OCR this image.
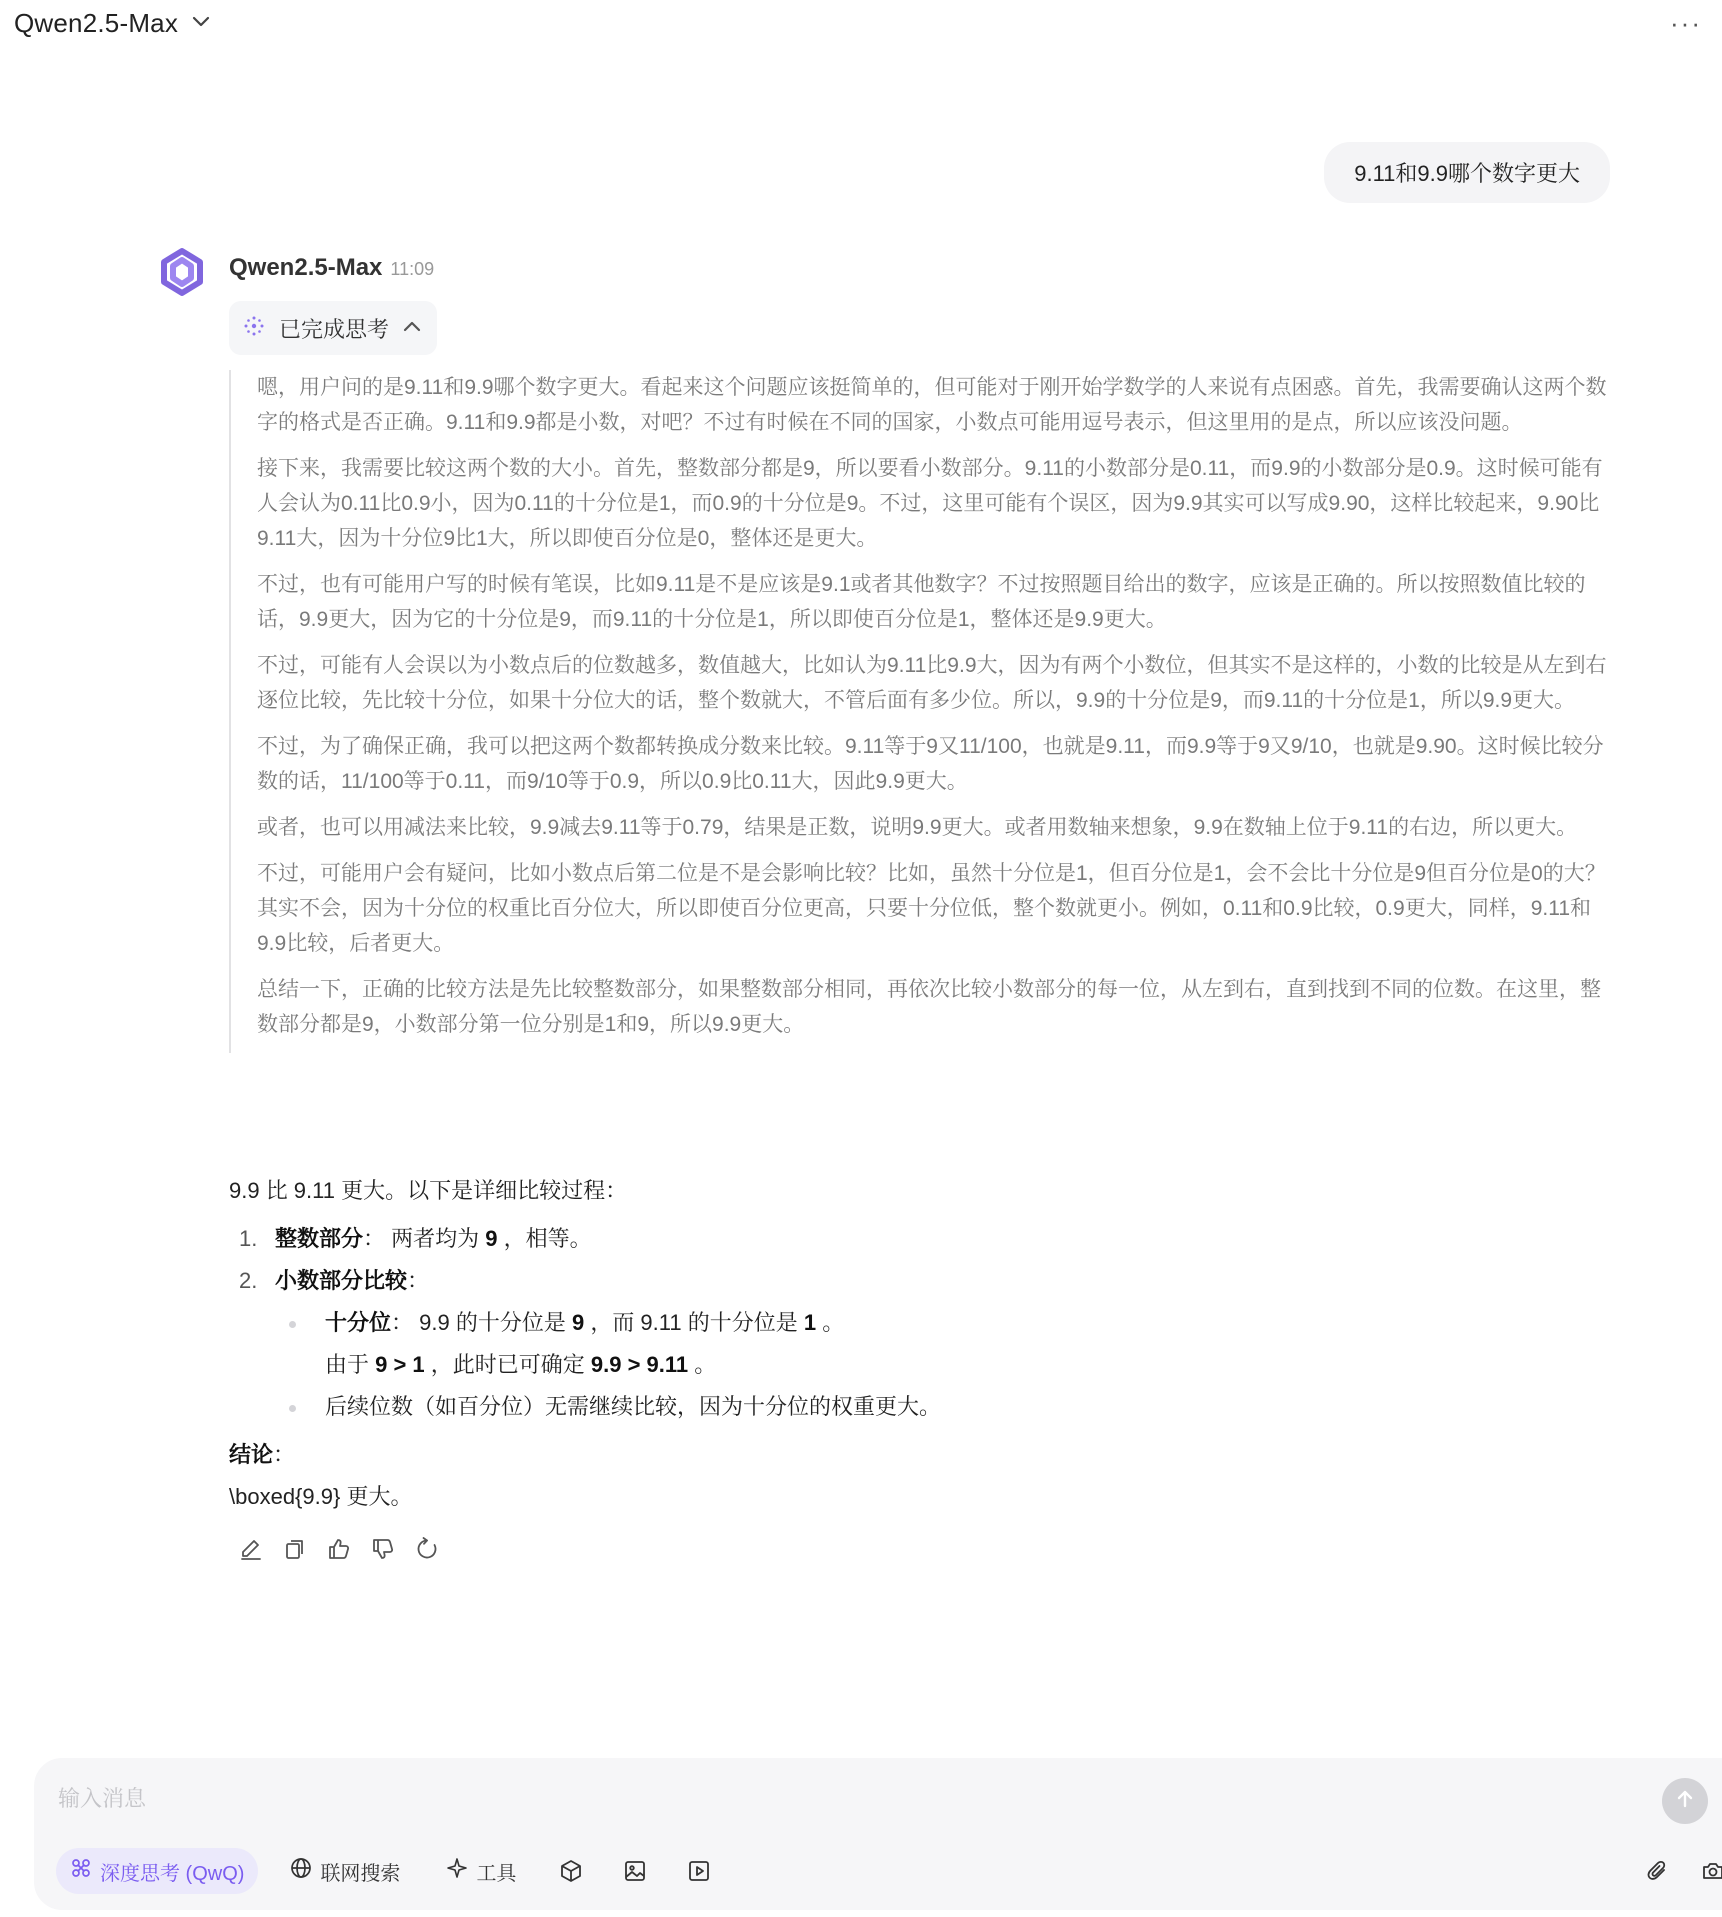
Qwen2.5-Max	···
9.11和9.9哪个数字更大
Qwen2.5-Max 11:09
已完成思考

嗯，用户问的是9.11和9.9哪个数字更大。看起来这个问题应该挺简单的，但可能对于刚开始学数学的人来说有点困惑。首先，我需要确认这两个数字的格式是否正确。9.11和9.9都是小数，对吧？不过有时候在不同的国家，小数点可能用逗号表示，但这里用的是点，所以应该没问题。

接下来，我需要比较这两个数的大小。首先，整数部分都是9，所以要看小数部分。9.11的小数部分是0.11，而9.9的小数部分是0.9。这时候可能有人会认为0.11比0.9小，因为0.11的十分位是1，而0.9的十分位是9。不过，这里可能有个误区，因为9.9其实可以写成9.90，这样比较起来，9.90比9.11大，因为十分位9比1大，所以即使百分位是0，整体还是更大。

不过，也有可能用户写的时候有笔误，比如9.11是不是应该是9.1或者其他数字？不过按照题目给出的数字，应该是正确的。所以按照数值比较的话，9.9更大，因为它的十分位是9，而9.11的十分位是1，所以即使百分位是1，整体还是9.9更大。

不过，可能有人会误以为小数点后的位数越多，数值越大，比如认为9.11比9.9大，因为有两个小数位，但其实不是这样的，小数的比较是从左到右逐位比较，先比较十分位，如果十分位大的话，整个数就大，不管后面有多少位。所以，9.9的十分位是9，而9.11的十分位是1，所以9.9更大。

不过，为了确保正确，我可以把这两个数都转换成分数来比较。9.11等于9又11/100，也就是9.11，而9.9等于9又9/10，也就是9.90。这时候比较分数的话，11/100等于0.11，而9/10等于0.9，所以0.9比0.11大，因此9.9更大。

或者，也可以用减法来比较，9.9减去9.11等于0.79，结果是正数，说明9.9更大。或者用数轴来想象，9.9在数轴上位于9.11的右边，所以更大。

不过，可能用户会有疑问，比如小数点后第二位是不是会影响比较？比如，虽然十分位是1，但百分位是1，会不会比十分位是9但百分位是0的大？其实不会，因为十分位的权重比百分位大，所以即使百分位更高，只要十分位低，整个数就更小。例如，0.11和0.9比较，0.9更大，同样，9.11和9.9比较，后者更大。

总结一下，正确的比较方法是先比较整数部分，如果整数部分相同，再依次比较小数部分的每一位，从左到右，直到找到不同的位数。在这里，整数部分都是9，小数部分第一位分别是1和9，所以9.9更大。

9.9 比 9.11 更大。以下是详细比较过程：
1. 整数部分： 两者均为 9 ，相等。
2. 小数部分比较：
十分位： 9.9 的十分位是 9 ，而 9.11 的十分位是 1 。
由于 9 > 1 ，此时已可确定 9.9 > 9.11 。
后续位数（如百分位）无需继续比较，因为十分位的权重更大。
结论：
\boxed{9.9} 更大。
输入消息
深度思考 (QwQ)	联网搜索	工具
